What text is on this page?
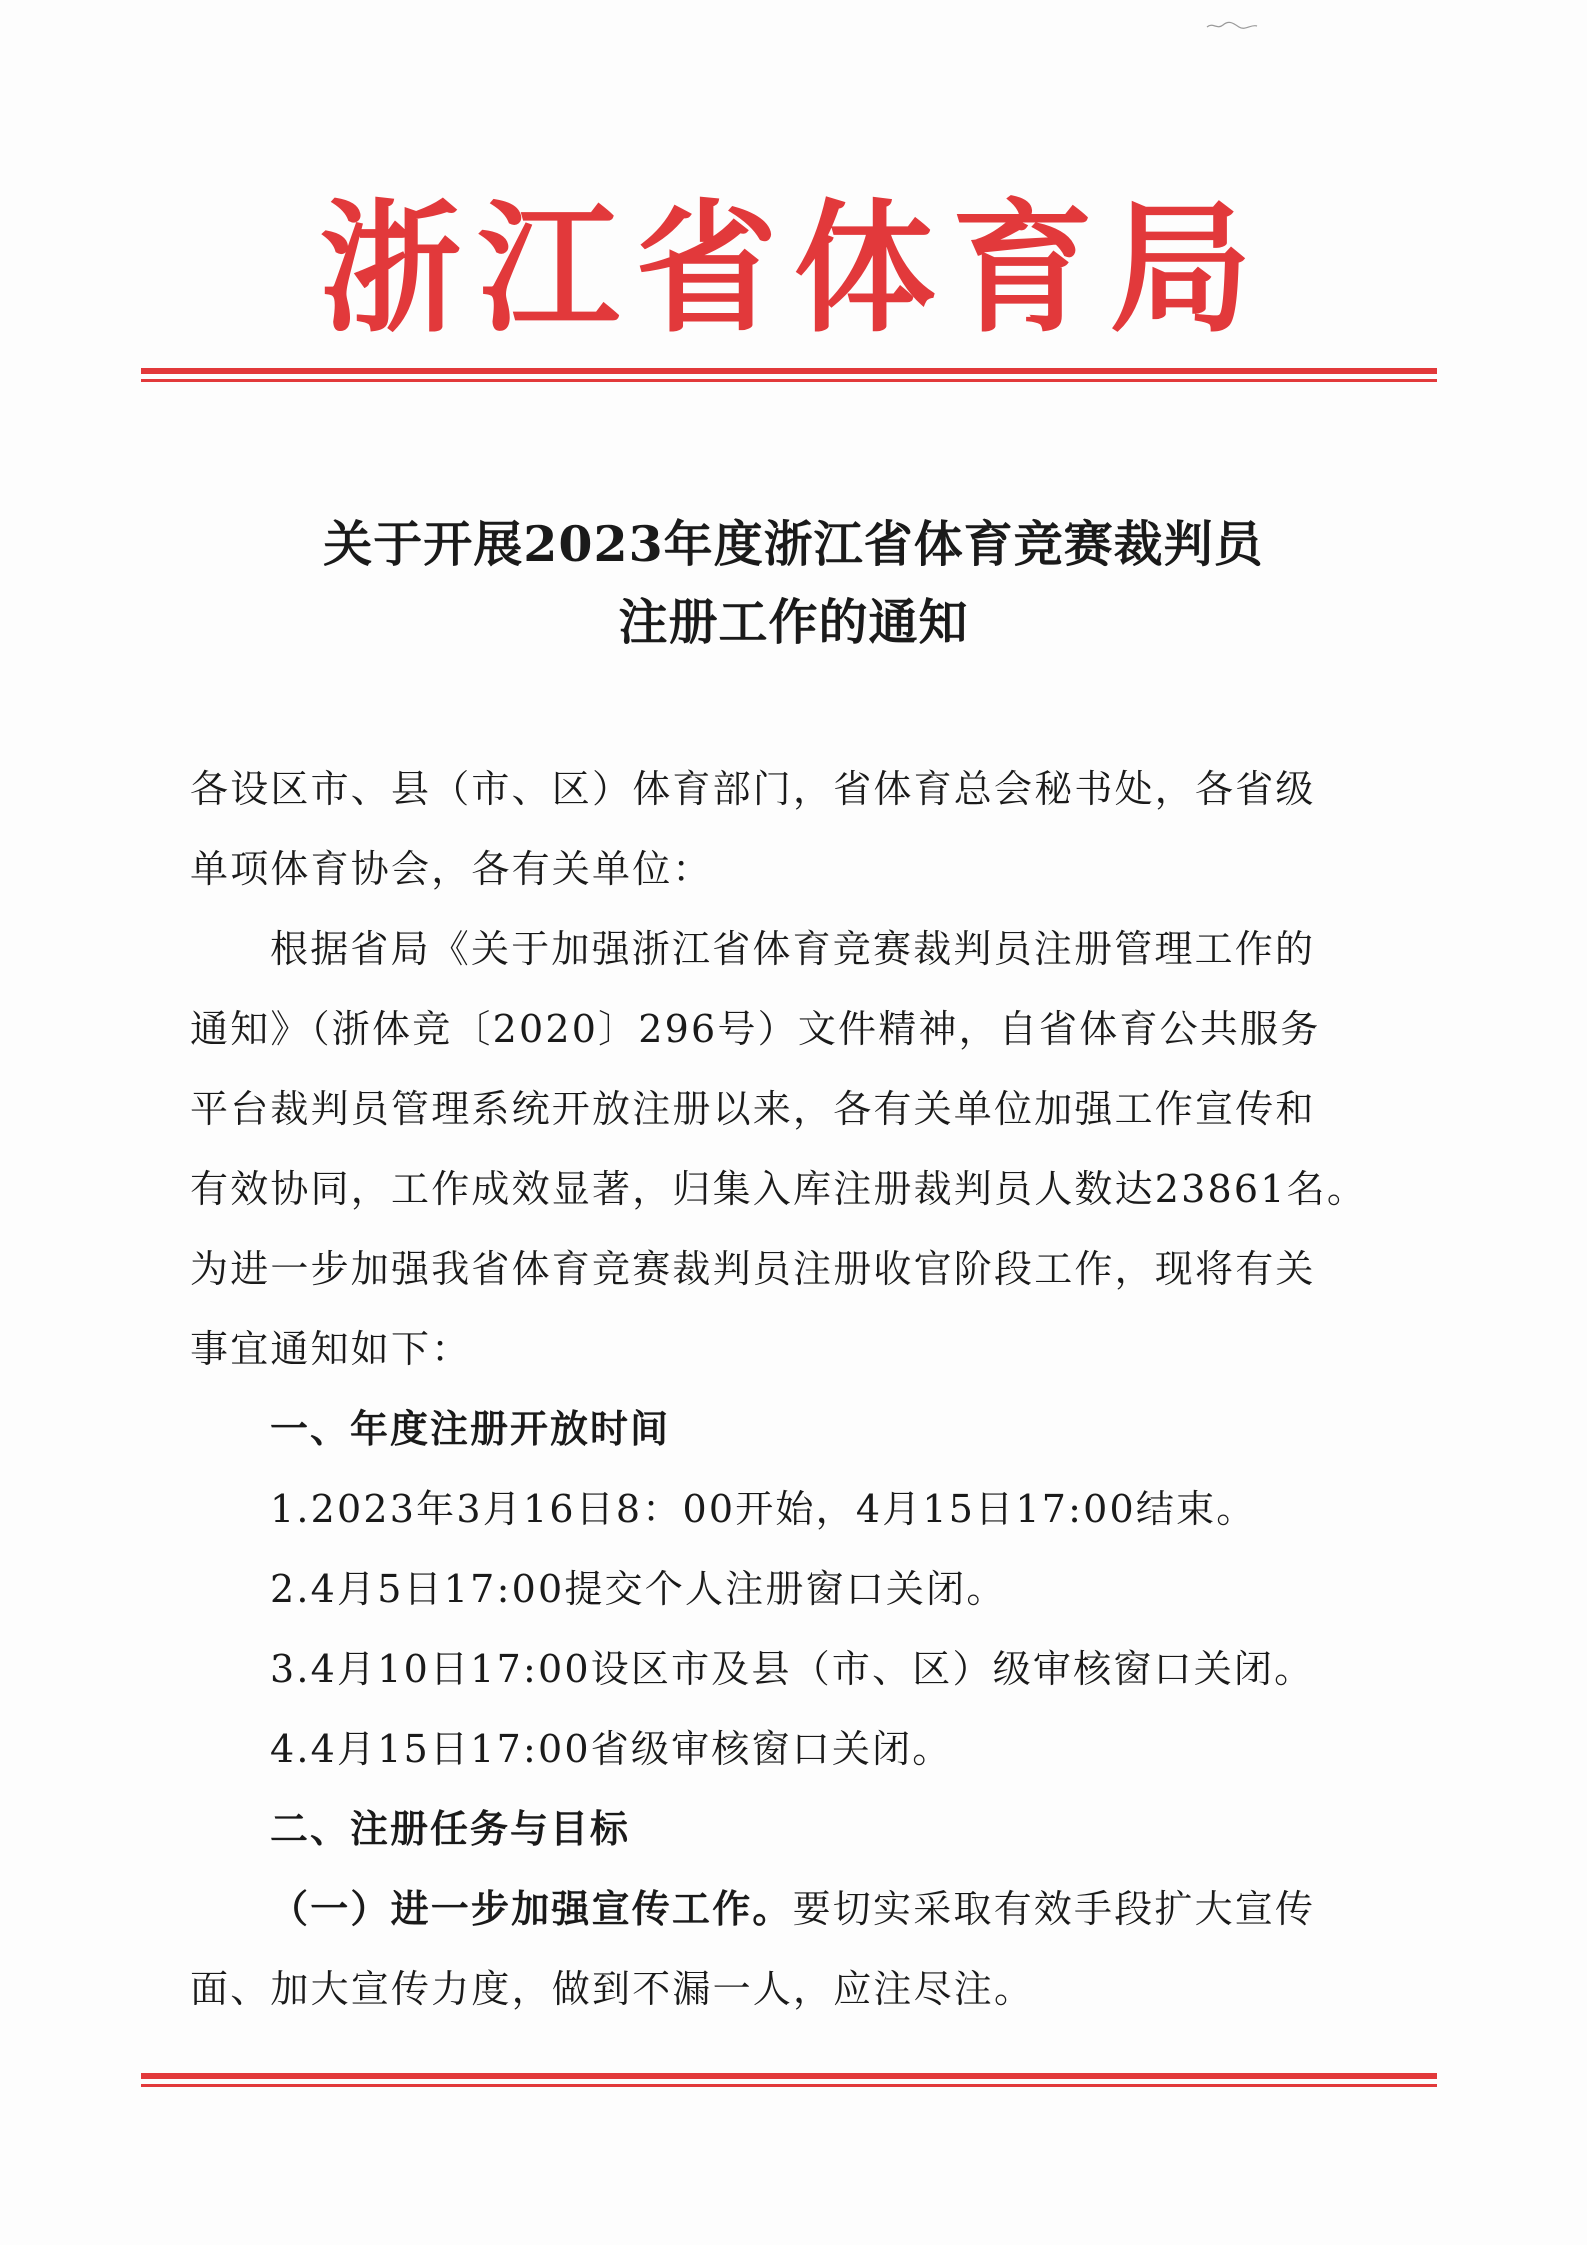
浙江省体育局
关于开展2023年度浙江省体育竞赛裁判员
注册工作的通知
各设区市、县（市、区）体育部门，省体育总会秘书处，各省级
单项体育协会，各有关单位：
根据省局《关于加强浙江省体育竞赛裁判员注册管理工作的
通知》（浙体竞〔2020〕296号）文件精神，自省体育公共服务
平台裁判员管理系统开放注册以来，各有关单位加强工作宣传和
有效协同，工作成效显著，归集入库注册裁判员人数达23861名。
为进一步加强我省体育竞赛裁判员注册收官阶段工作，现将有关
事宜通知如下：
一、年度注册开放时间
1.2023年3月16日8：00开始，4月15日17:00结束。
2.4月5日17:00提交个人注册窗口关闭。
3.4月10日17:00设区市及县（市、区）级审核窗口关闭。
4.4月15日17:00省级审核窗口关闭。
二、注册任务与目标
（一）进一步加强宣传工作。要切实采取有效手段扩大宣传
面、加大宣传力度，做到不漏一人，应注尽注。
